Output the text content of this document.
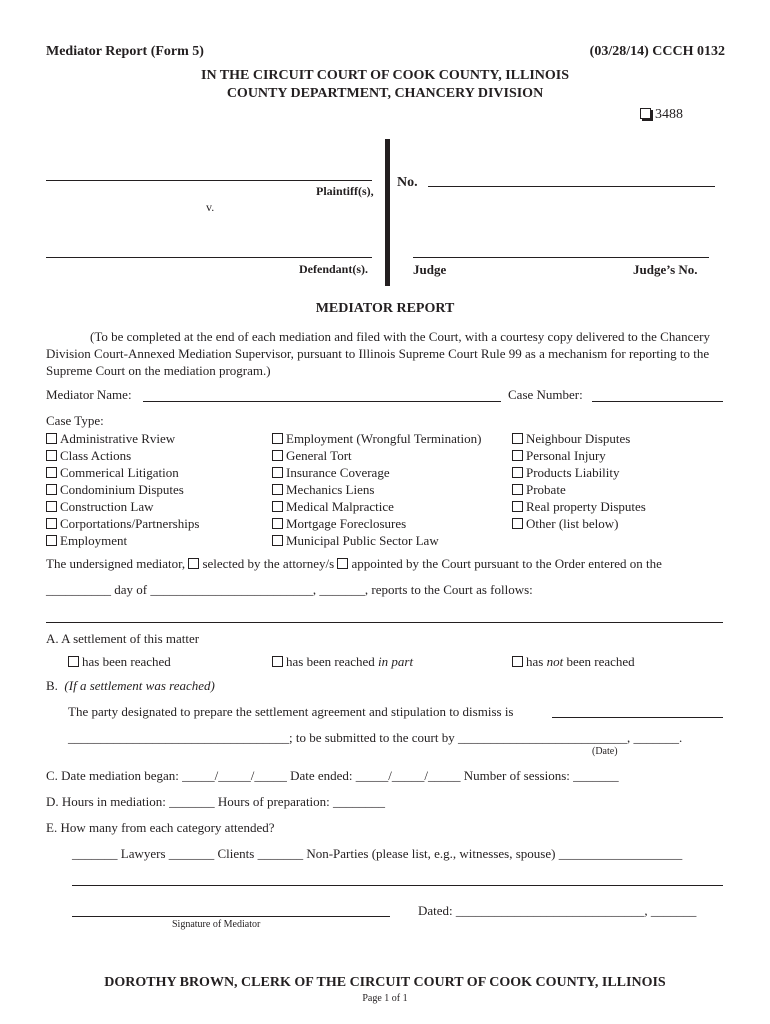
Mediator Report (Form 5)	(03/28/14) CCCH 0132
IN THE CIRCUIT COURT OF COOK COUNTY, ILLINOIS
COUNTY DEPARTMENT, CHANCERY DIVISION
3488
Plaintiff(s),
v.
Defendant(s).
No.
Judge	Judge’s No.
MEDIATOR REPORT
(To be completed at the end of each mediation and filed with the Court, with a courtesy copy delivered to the Chancery Division Court-Annexed Mediation Supervisor, pursuant to Illinois Supreme Court Rule 99 as a mechanism for reporting to the Supreme Court on the mediation program.)
Mediator Name:	Case Number:
Case Type:
Administrative Rview
Class Actions
Commerical Litigation
Condominium Disputes
Construction Law
Corportations/Partnerships
Employment
Employment (Wrongful Termination)
General Tort
Insurance Coverage
Mechanics Liens
Medical Malpractice
Mortgage Foreclosures
Municipal Public Sector Law
Neighbour Disputes
Personal Injury
Products Liability
Probate
Real property Disputes
Other (list below)
The undersigned mediator, selected by the attorney/s appointed by the Court pursuant to the Order entered on the
__________ day of _________________________, _______, reports to the Court as follows:
A. A settlement of this matter
has been reached	has been reached in part	has not been reached
B. (If a settlement was reached)
The party designated to prepare the settlement agreement and stipulation to dismiss is
__________________________________; to be submitted to the court by __________________________, _______.
(Date)
C. Date mediation began: _____/_____/_____ Date ended: _____/_____/_____ Number of sessions: _______
D. Hours in mediation: _______ Hours of preparation: ________
E. How many from each category attended?
_______ Lawyers _______ Clients _______ Non-Parties (please list, e.g., witnesses, spouse) ___________________
Signature of Mediator
Dated: _____________________________, _______
DOROTHY BROWN, CLERK OF THE CIRCUIT COURT OF COOK COUNTY, ILLINOIS
Page 1 of 1
